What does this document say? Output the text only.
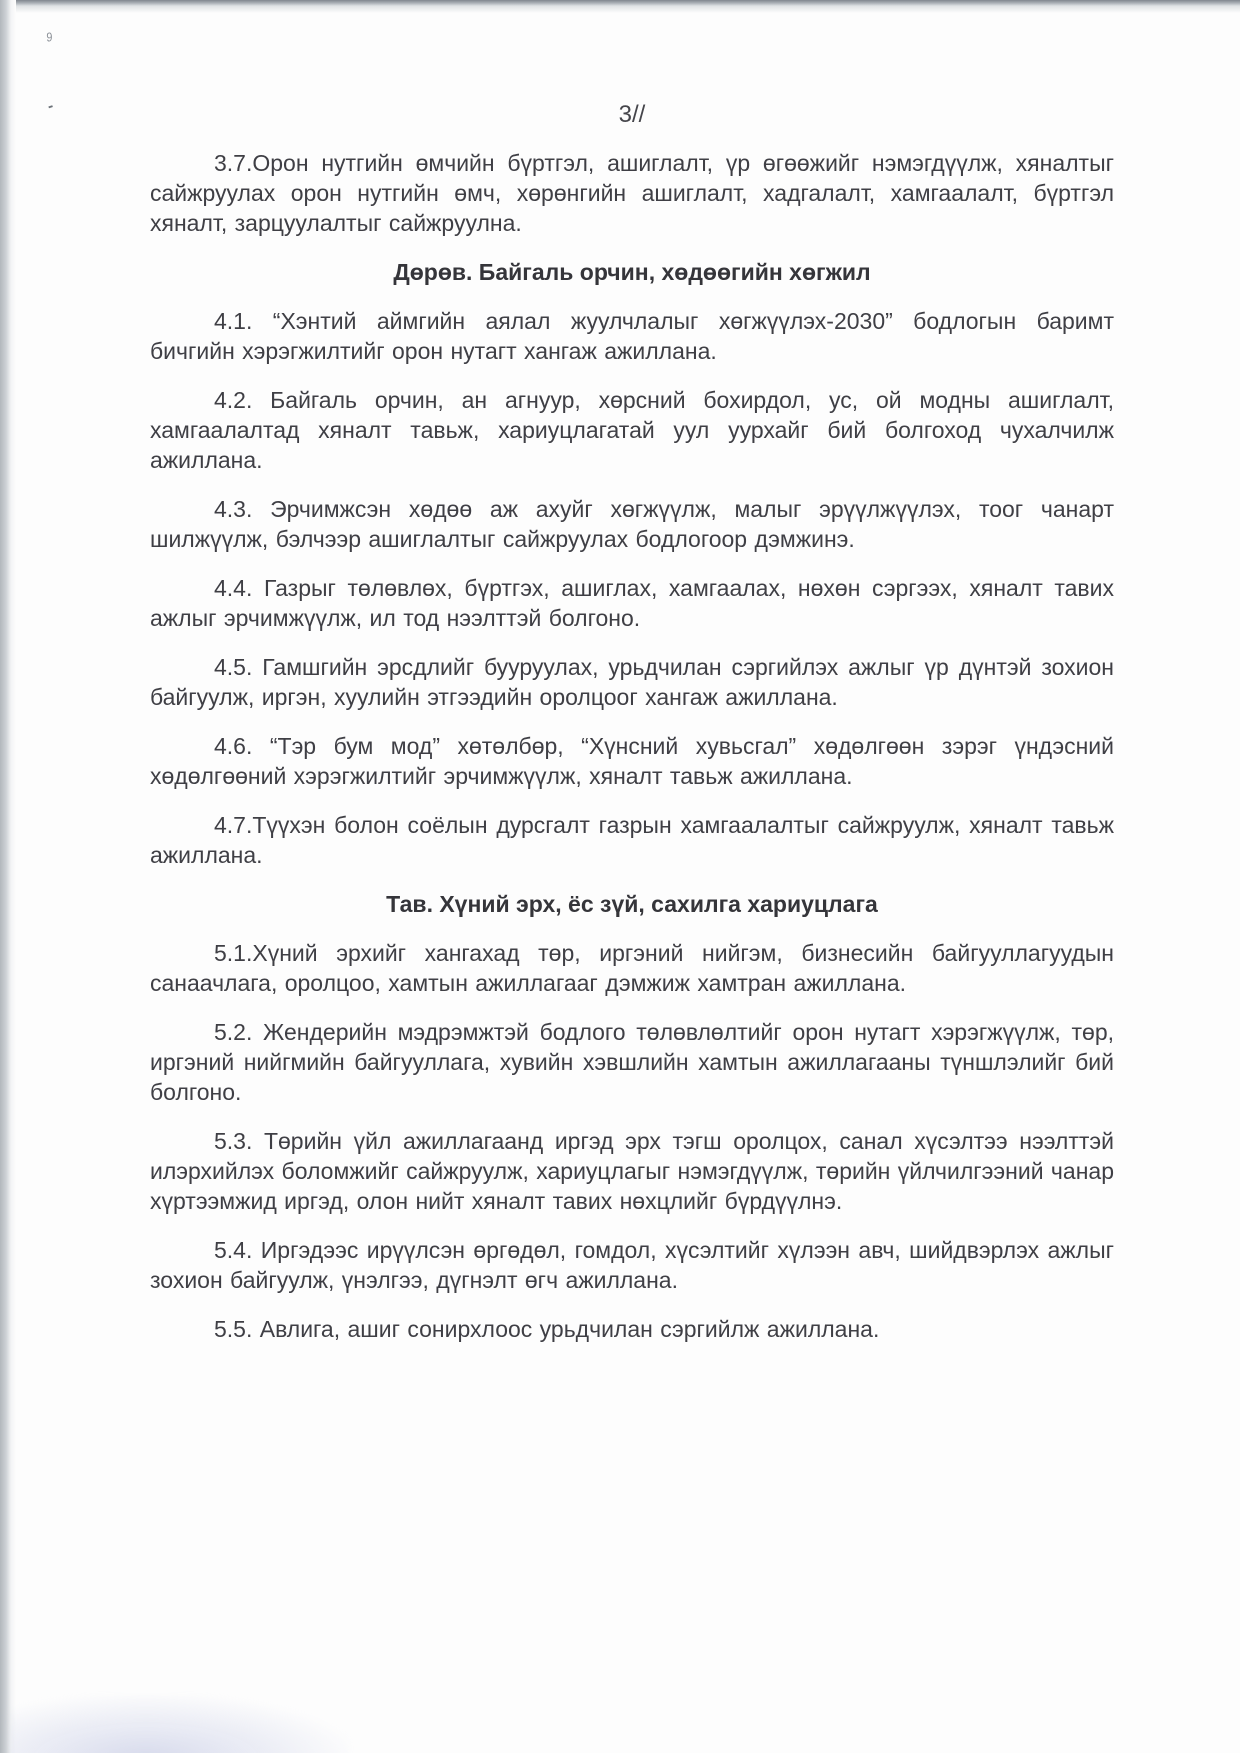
9
-	3//

3.7.Орон нутгийн өмчийн бүртгэл, ашиглалт, үр өгөөжийг нэмэгдүүлж, хяналтыг сайжруулах орон нутгийн өмч, хөрөнгийн ашиглалт, хадгалалт, хамгаалалт, бүртгэл хяналт, зарцуулалтыг сайжруулна.

Дөрөв. Байгаль орчин, хөдөөгийн хөгжил

4.1. “Хэнтий аймгийн аялал жуулчлалыг хөгжүүлэх-2030” бодлогын баримт бичгийн хэрэгжилтийг орон нутагт хангаж ажиллана.

4.2. Байгаль орчин, ан агнуур, хөрсний бохирдол, ус, ой модны ашиглалт, хамгаалалтад хяналт тавьж, хариуцлагатай уул уурхайг бий болгоход чухалчилж ажиллана.

4.3. Эрчимжсэн хөдөө аж ахуйг хөгжүүлж, малыг эрүүлжүүлэх, тоог чанарт шилжүүлж, бэлчээр ашиглалтыг сайжруулах бодлогоор дэмжинэ.

4.4. Газрыг төлөвлөх, бүртгэх, ашиглах, хамгаалах, нөхөн сэргээх, хяналт тавих ажлыг эрчимжүүлж, ил тод нээлттэй болгоно.

4.5. Гамшгийн эрсдлийг бууруулах, урьдчилан сэргийлэх ажлыг үр дүнтэй зохион байгуулж, иргэн, хуулийн этгээдийн оролцоог хангаж ажиллана.

4.6. “Тэр бум мод” хөтөлбөр, “Хүнсний хувьсгал” хөдөлгөөн зэрэг үндэсний хөдөлгөөний хэрэгжилтийг эрчимжүүлж, хяналт тавьж ажиллана.

4.7.Түүхэн болон соёлын дурсгалт газрын хамгаалалтыг сайжруулж, хяналт тавьж ажиллана.

Тав. Хүний эрх, ёс зүй, сахилга хариуцлага

5.1.Хүний эрхийг хангахад төр, иргэний нийгэм, бизнесийн байгууллагуудын санаачлага, оролцоо, хамтын ажиллагааг дэмжиж хамтран ажиллана.

5.2. Жендерийн мэдрэмжтэй бодлого төлөвлөлтийг орон нутагт хэрэгжүүлж, төр, иргэний нийгмийн байгууллага, хувийн хэвшлийн хамтын ажиллагааны түншлэлийг бий болгоно.

5.3. Төрийн үйл ажиллагаанд иргэд эрх тэгш оролцох, санал хүсэлтээ нээлттэй илэрхийлэх боломжийг сайжруулж, хариуцлагыг нэмэгдүүлж, төрийн үйлчилгээний чанар хүртээмжид иргэд, олон нийт хяналт тавих нөхцлийг бүрдүүлнэ.

5.4. Иргэдээс ирүүлсэн өргөдөл, гомдол, хүсэлтийг хүлээн авч, шийдвэрлэх ажлыг зохион байгуулж, үнэлгээ, дүгнэлт өгч ажиллана.

5.5. Авлига, ашиг сонирхлоос урьдчилан сэргийлж ажиллана.
